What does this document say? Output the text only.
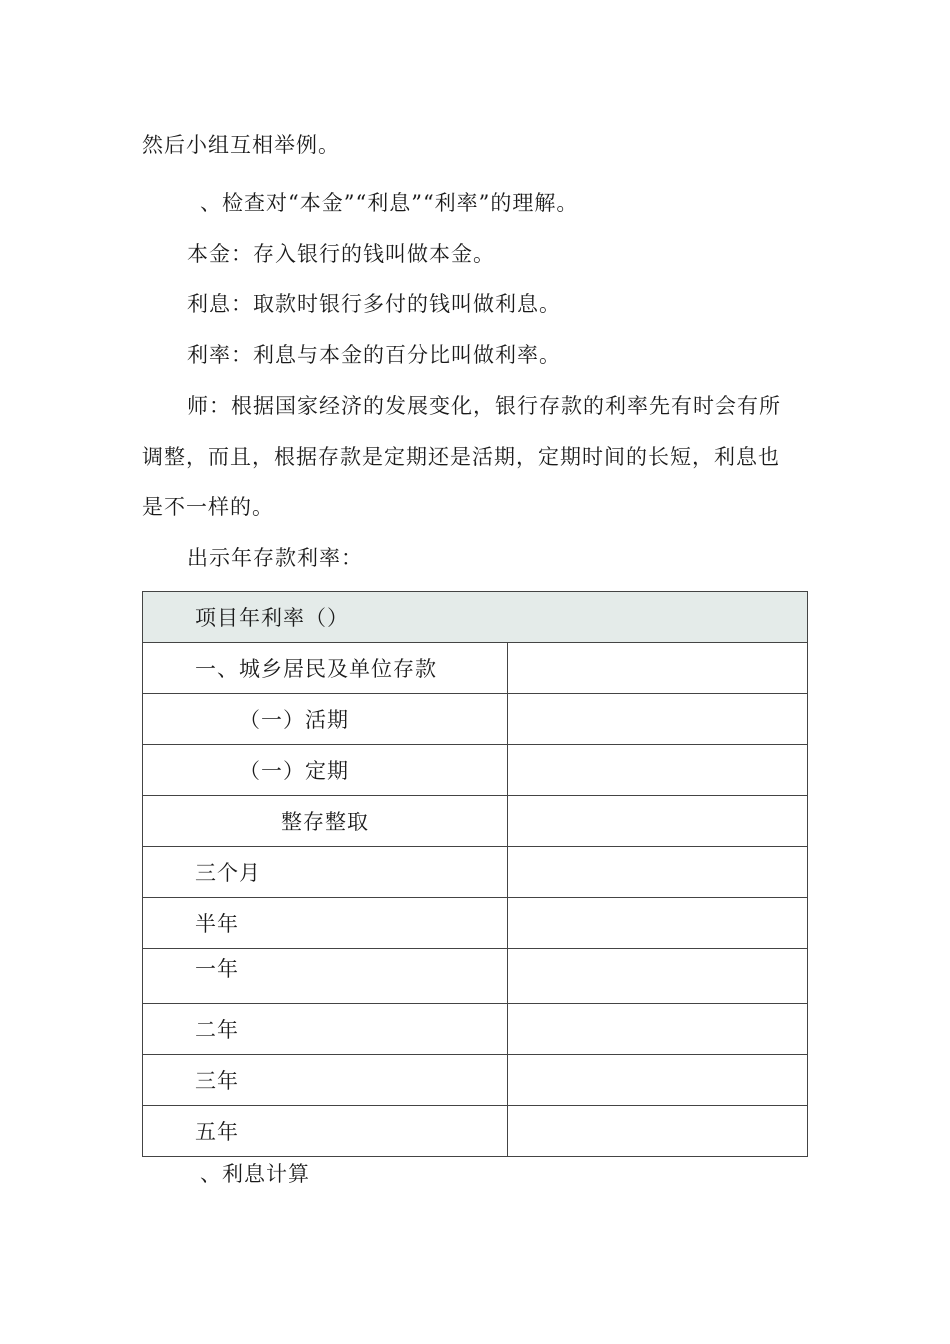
然后小组互相举例。
、检查对“本金”“利息”“利率”的理解。
本金：存入银行的钱叫做本金。
利息：取款时银行多付的钱叫做利息。
利率：利息与本金的百分比叫做利率。
师：根据国家经济的发展变化，银行存款的利率先有时会有所
调整，而且，根据存款是定期还是活期，定期时间的长短，利息也
是不一样的。
出示年存款利率：
项目年利率（）	
一、城乡居民及单位存款	
（一）活期	
（一）定期	
整存整取	
三个月	
半年	
一年	
二年	
三年	
五年	
、利息计算
